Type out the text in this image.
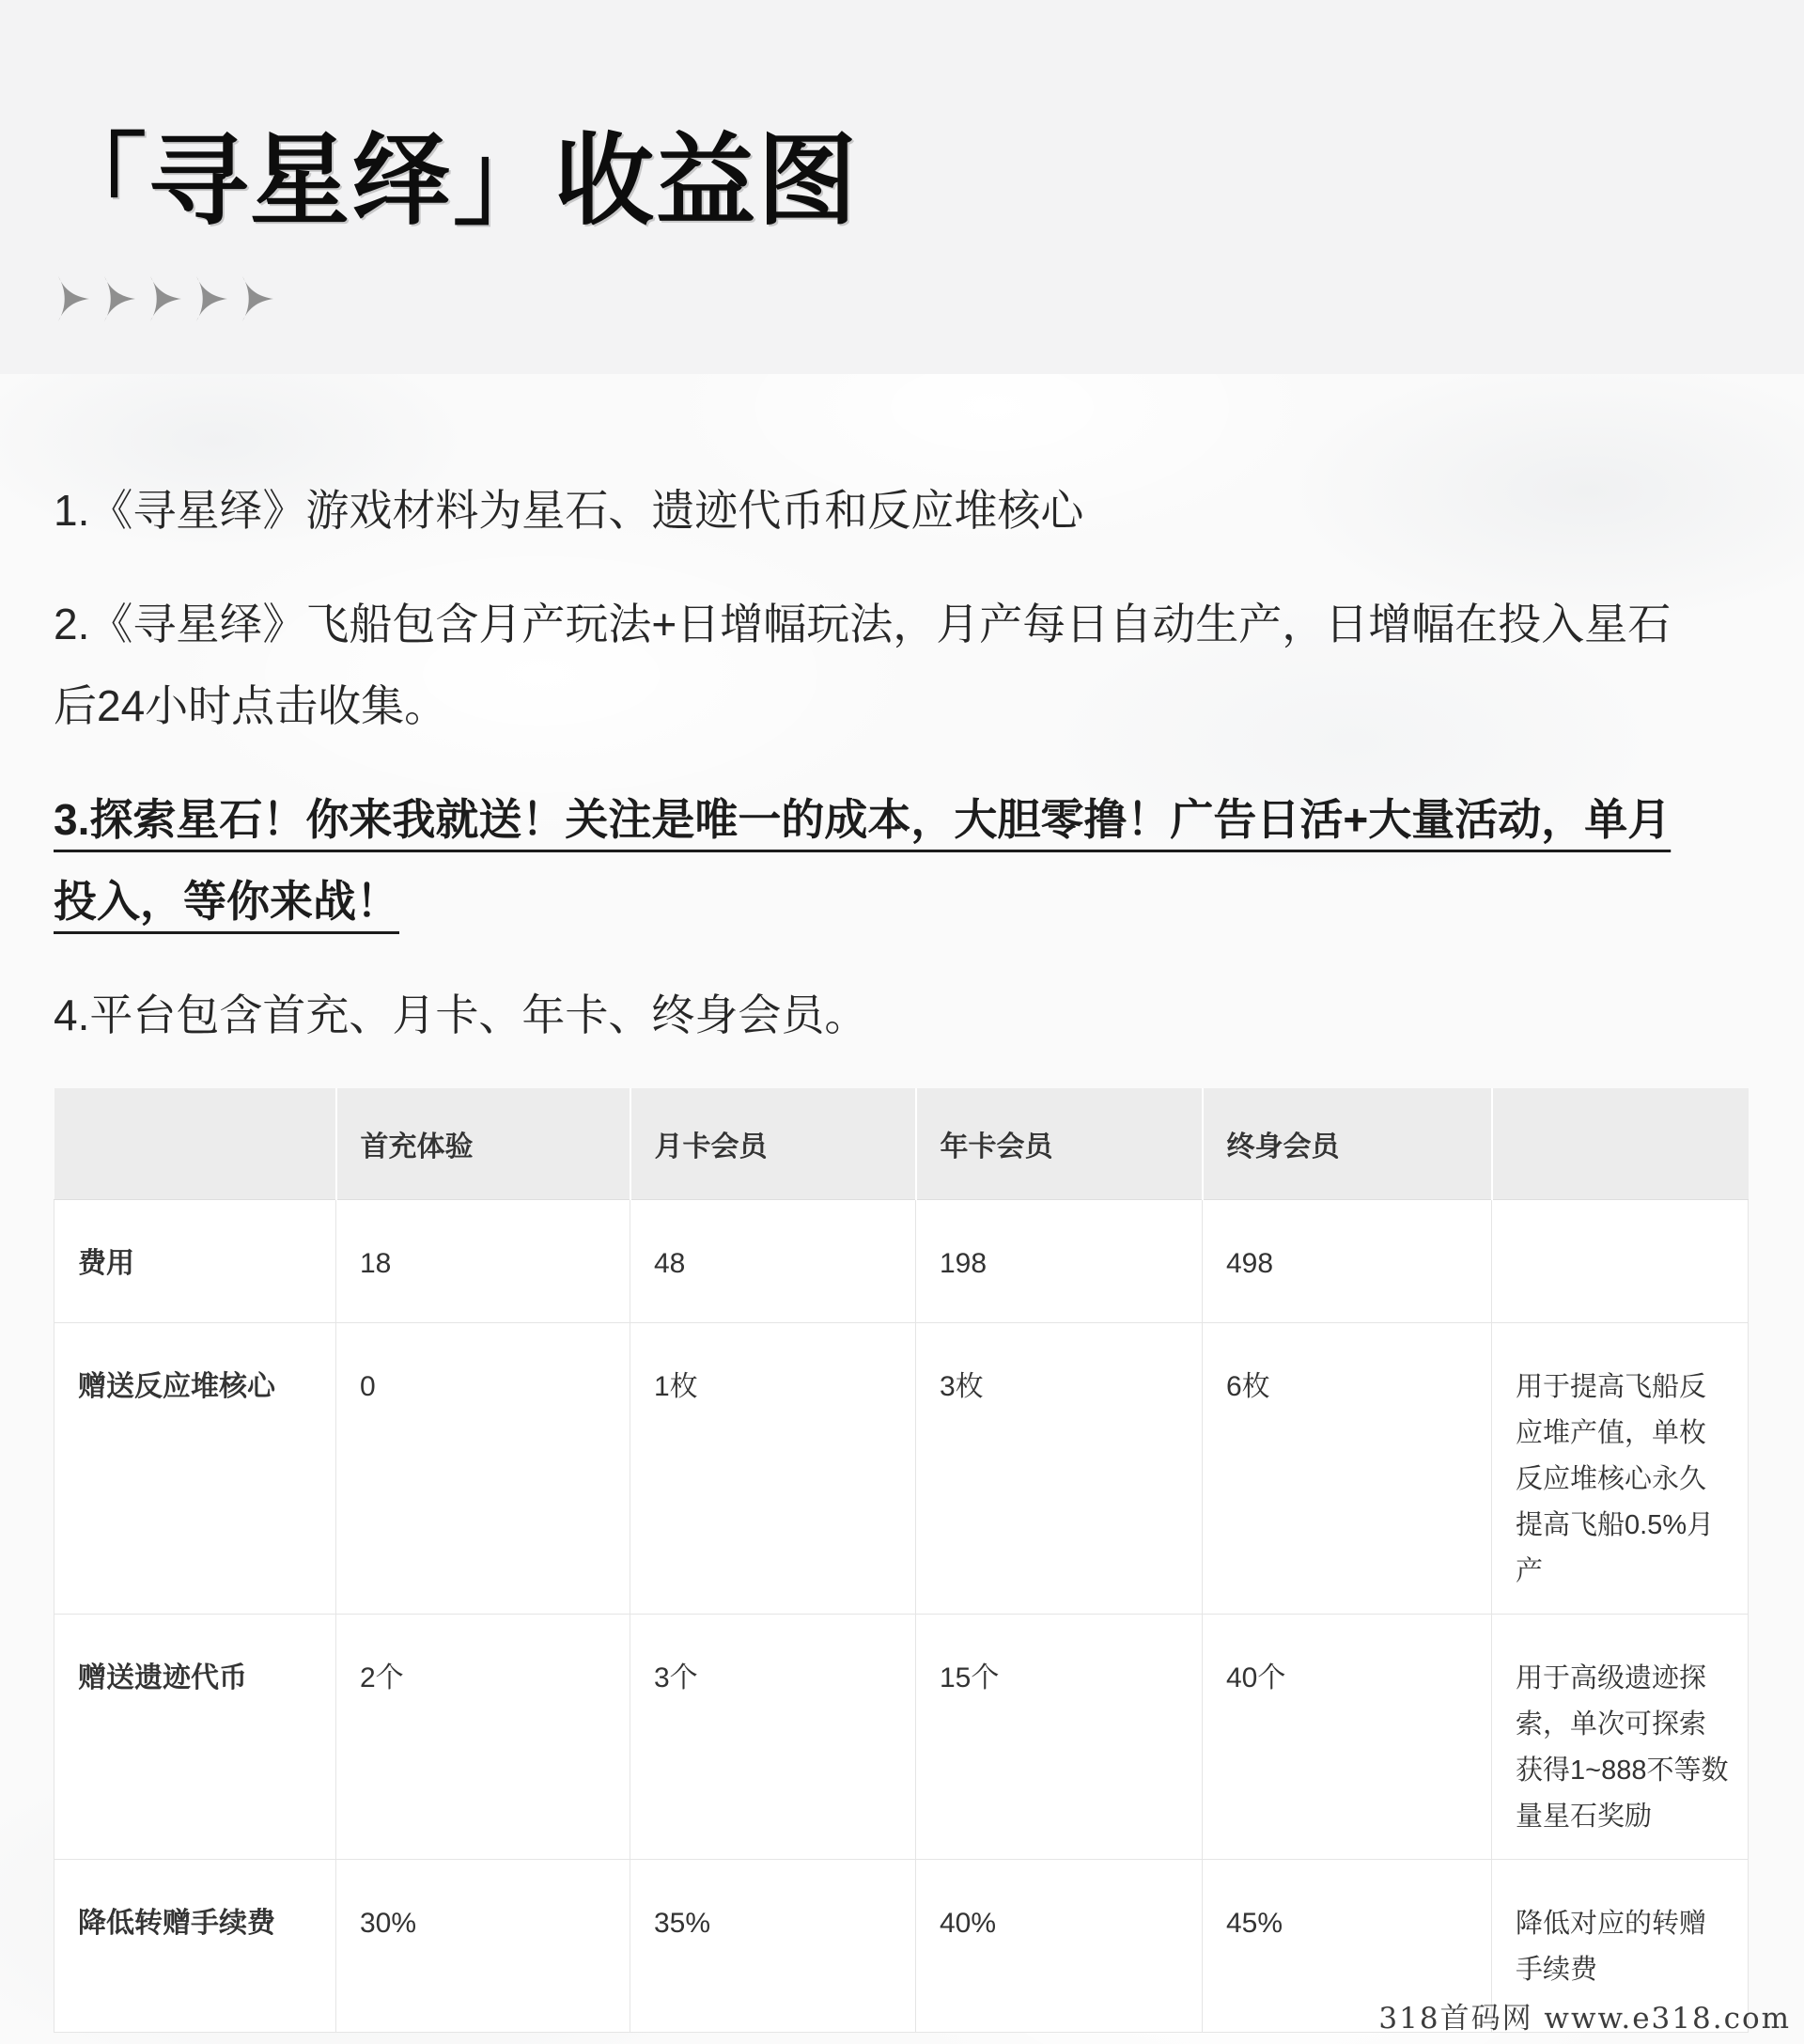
「寻星绎」收益图

1.《寻星绎》游戏材料为星石、遗迹代币和反应堆核心

2.《寻星绎》飞船包含月产玩法+日增幅玩法，月产每日自动生产，日增幅在投入星石后24小时点击收集。

3.探索星石！你来我就送！关注是唯一的成本，大胆零撸！广告日活+大量活动，单月投入，等你来战！

4.平台包含首充、月卡、年卡、终身会员。

	首充体验	月卡会员	年卡会员	终身会员	
费用	18	48	198	498	
赠送反应堆核心	0	1枚	3枚	6枚	用于提高飞船反应堆产值，单枚反应堆核心永久提高飞船0.5%月产
赠送遗迹代币	2个	3个	15个	40个	用于高级遗迹探索，单次可探索获得1~888不等数量星石奖励
降低转赠手续费	30%	35%	40%	45%	降低对应的转赠手续费
318首码网 www.e318.com
